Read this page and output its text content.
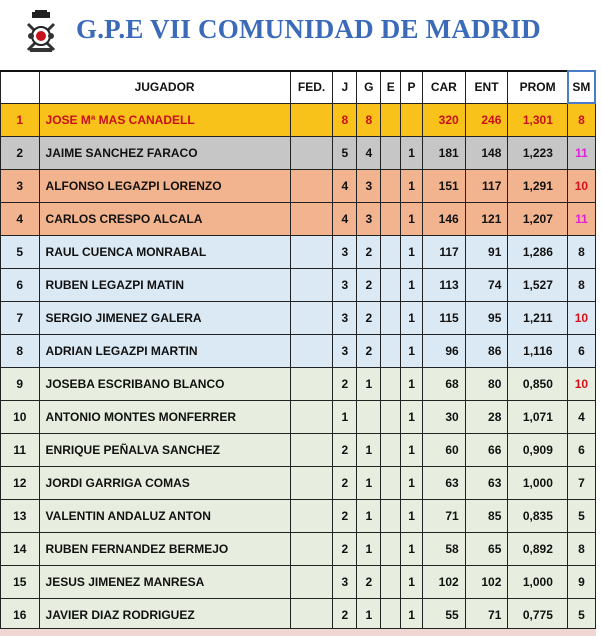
G.P.E VII COMUNIDAD DE MADRID
	JUGADOR	FED.	J	G	E	P	CAR	ENT	PROM	SM
1	JOSE Mª MAS CANADELL		8	8			320	246	1,301	8
2	JAIME SANCHEZ FARACO		5	4		1	181	148	1,223	11
3	ALFONSO LEGAZPI LORENZO		4	3		1	151	117	1,291	10
4	CARLOS CRESPO ALCALA		4	3		1	146	121	1,207	11
5	RAUL CUENCA MONRABAL		3	2		1	117	91	1,286	8
6	RUBEN LEGAZPI MATIN		3	2		1	113	74	1,527	8
7	SERGIO JIMENEZ GALERA		3	2		1	115	95	1,211	10
8	ADRIAN LEGAZPI MARTIN		3	2		1	96	86	1,116	6
9	JOSEBA ESCRIBANO BLANCO		2	1		1	68	80	0,850	10
10	ANTONIO MONTES MONFERRER		1			1	30	28	1,071	4
11	ENRIQUE PEÑALVA SANCHEZ		2	1		1	60	66	0,909	6
12	JORDI GARRIGA COMAS		2	1		1	63	63	1,000	7
13	VALENTIN ANDALUZ ANTON		2	1		1	71	85	0,835	5
14	RUBEN FERNANDEZ BERMEJO		2	1		1	58	65	0,892	8
15	JESUS JIMENEZ MANRESA		3	2		1	102	102	1,000	9
16	JAVIER DIAZ RODRIGUEZ		2	1		1	55	71	0,775	5
